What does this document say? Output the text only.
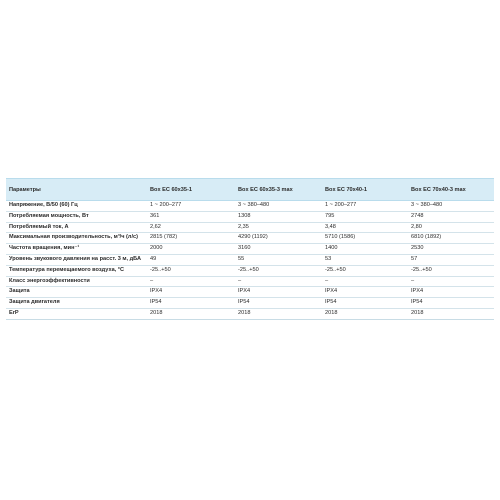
Параметры	Box EC 60x35-1	Box EC 60x35-3 max	Box EC 70x40-1	Box EC 70x40-3 max
Напряжение, В/50 (60) Гц	1 ~ 200–277	3 ~ 380–480	1 ~ 200–277	3 ~ 380–480
Потребляемая мощность, Вт	361	1308	795	2748
Потребляемый ток, А	2,62	2,35	3,48	2,80
Максимальная производительность, м³/ч (л/с)	2815 (782)	4290 (1192)	5710 (1586)	6810 (1892)
Частота вращения, мин⁻¹	2000	3160	1400	2530
Уровень звукового давления на расст. 3 м, дБА	49	55	53	57
Температура перемещаемого воздуха, °С	-25..+50	-25..+50	-25..+50	-25..+50
Класс энергоэффективности	–	–	–	–
Защита	IPX4	IPX4	IPX4	IPX4
Защита двигателя	IP54	IP54	IP54	IP54
ErP	2018	2018	2018	2018
